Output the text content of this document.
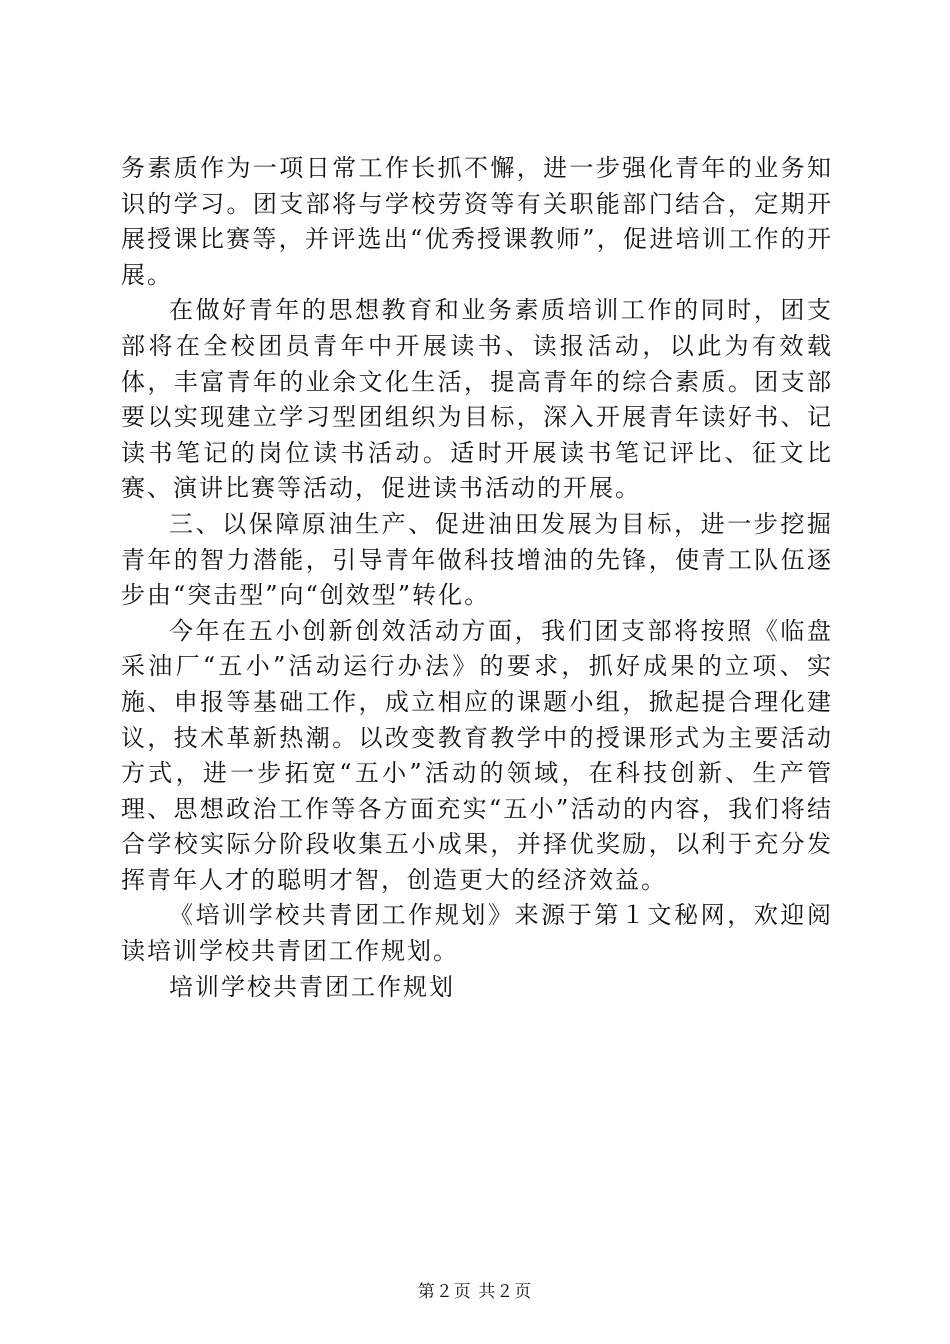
务素质作为一项日常工作长抓不懈，进一步强化青年的业务知识的学习。团支部将与学校劳资等有关职能部门结合，定期开展授课比赛等，并评选出“优秀授课教师”，促进培训工作的开展。

在做好青年的思想教育和业务素质培训工作的同时，团支部将在全校团员青年中开展读书、读报活动，以此为有效载体，丰富青年的业余文化生活，提高青年的综合素质。团支部要以实现建立学习型团组织为目标，深入开展青年读好书、记读书笔记的岗位读书活动。适时开展读书笔记评比、征文比赛、演讲比赛等活动，促进读书活动的开展。

三、以保障原油生产、促进油田发展为目标，进一步挖掘青年的智力潜能，引导青年做科技增油的先锋，使青工队伍逐步由“突击型”向“创效型”转化。

今年在五小创新创效活动方面，我们团支部将按照《临盘采油厂“五小”活动运行办法》的要求，抓好成果的立项、实施、申报等基础工作，成立相应的课题小组，掀起提合理化建议，技术革新热潮。以改变教育教学中的授课形式为主要活动方式，进一步拓宽“五小”活动的领域，在科技创新、生产管理、思想政治工作等各方面充实“五小”活动的内容，我们将结合学校实际分阶段收集五小成果，并择优奖励，以利于充分发挥青年人才的聪明才智，创造更大的经济效益。

《培训学校共青团工作规划》来源于第１文秘网，欢迎阅读培训学校共青团工作规划。

培训学校共青团工作规划

第２页 共２页
